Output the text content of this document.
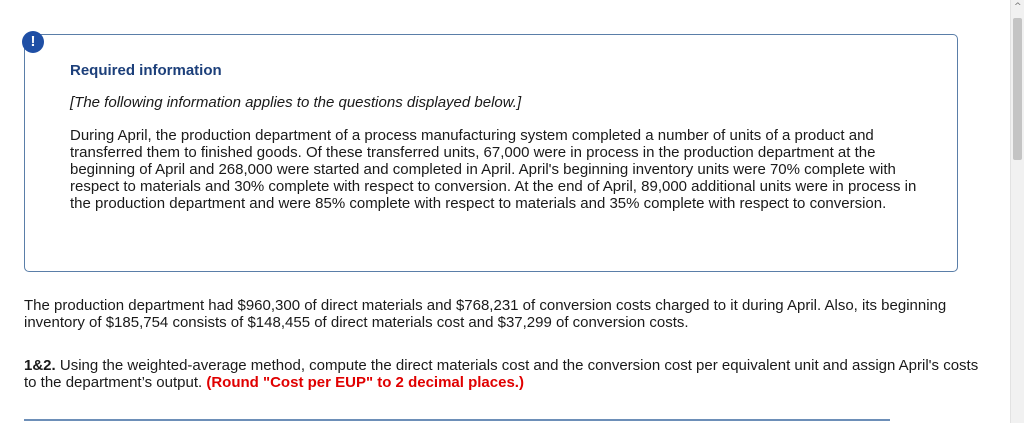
!
Required information
[The following information applies to the questions displayed below.]
During April, the production department of a process manufacturing system completed a number of units of a product and transferred them to finished goods. Of these transferred units, 67,000 were in process in the production department at the beginning of April and 268,000 were started and completed in April. April's beginning inventory units were 70% complete with respect to materials and 30% complete with respect to conversion. At the end of April, 89,000 additional units were in process in the production department and were 85% complete with respect to materials and 35% complete with respect to conversion.
The production department had $960,300 of direct materials and $768,231 of conversion costs charged to it during April. Also, its beginning inventory of $185,754 consists of $148,455 of direct materials cost and $37,299 of conversion costs.
1&2. Using the weighted-average method, compute the direct materials cost and the conversion cost per equivalent unit and assign April's costs to the department’s output. (Round "Cost per EUP" to 2 decimal places.)
^
